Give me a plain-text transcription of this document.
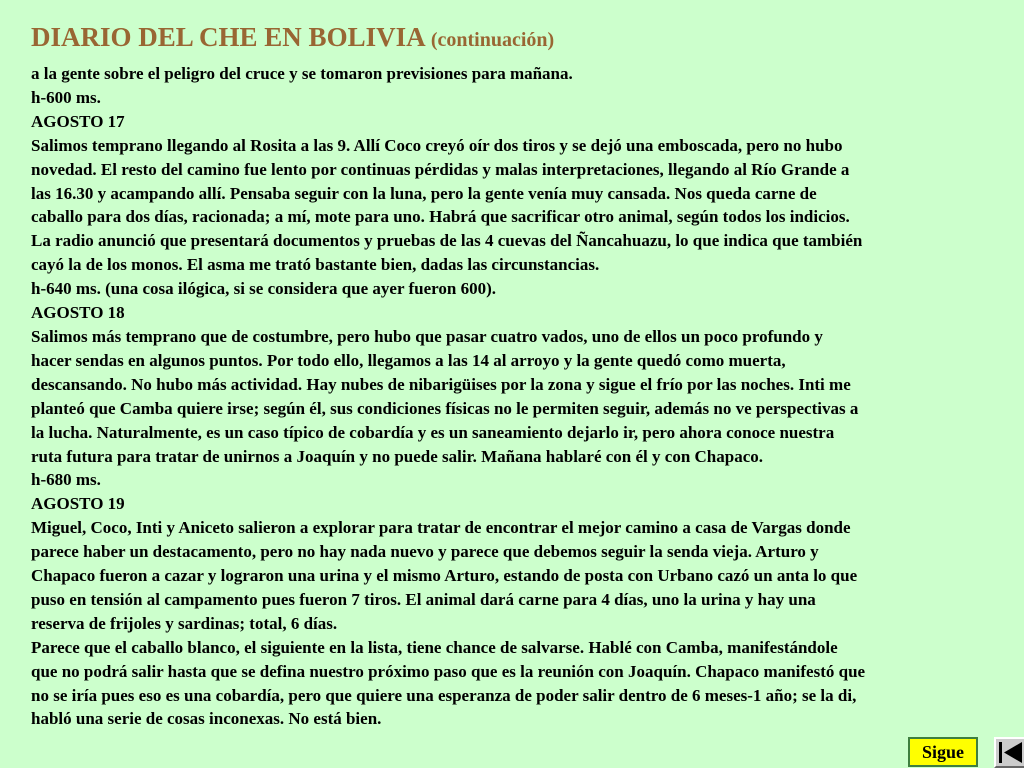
DIARIO DEL CHE EN BOLIVIA (continuación)

a la gente sobre el peligro del cruce y se tomaron previsiones para mañana.

h-600 ms.

AGOSTO 17

Salimos temprano llegando al Rosita a las 9. Allí Coco creyó oír dos tiros y se dejó una emboscada, pero no hubo

novedad. El resto del camino fue lento por continuas pérdidas y malas interpretaciones, llegando al Río Grande a

las 16.30 y acampando allí. Pensaba seguir con la luna, pero la gente venía muy cansada. Nos queda carne de

caballo para dos días, racionada; a mí, mote para uno. Habrá que sacrificar otro animal, según todos los indicios.

La radio anunció que presentará documentos y pruebas de las 4 cuevas del Ñancahuazu, lo que indica que también

cayó la de los monos. El asma me trató bastante bien, dadas las circunstancias.

h-640 ms. (una cosa ilógica, si se considera que ayer fueron 600).

AGOSTO 18

Salimos más temprano que de costumbre, pero hubo que pasar cuatro vados, uno de ellos un poco profundo y

hacer sendas en algunos puntos. Por todo ello, llegamos a las 14 al arroyo y la gente quedó como muerta,

descansando. No hubo más actividad. Hay nubes de nibarigüises por la zona y sigue el frío por las noches. Inti me

planteó que Camba quiere irse; según él, sus condiciones físicas no le permiten seguir, además no ve perspectivas a

la lucha. Naturalmente, es un caso típico de cobardía y es un saneamiento dejarlo ir, pero ahora conoce nuestra

ruta futura para tratar de unirnos a Joaquín y no puede salir. Mañana hablaré con él y con Chapaco.

h-680 ms.

AGOSTO 19

Miguel, Coco, Inti y Aniceto salieron a explorar para tratar de encontrar el mejor camino a casa de Vargas donde

parece haber un destacamento, pero no hay nada nuevo y parece que debemos seguir la senda vieja. Arturo y

Chapaco fueron a cazar y lograron una urina y el mismo Arturo, estando de posta con Urbano cazó un anta lo que

puso en tensión al campamento pues fueron 7 tiros. El animal dará carne para 4 días, uno la urina y hay una

reserva de frijoles y sardinas; total, 6 días.

Parece que el caballo blanco, el siguiente en la lista, tiene chance de salvarse. Hablé con Camba, manifestándole

que no podrá salir hasta que se defina nuestro próximo paso que es la reunión con Joaquín. Chapaco manifestó que

no se iría pues eso es una cobardía, pero que quiere una esperanza de poder salir dentro de 6 meses-1 año; se la di,

habló una serie de cosas inconexas. No está bien.

Sigue
